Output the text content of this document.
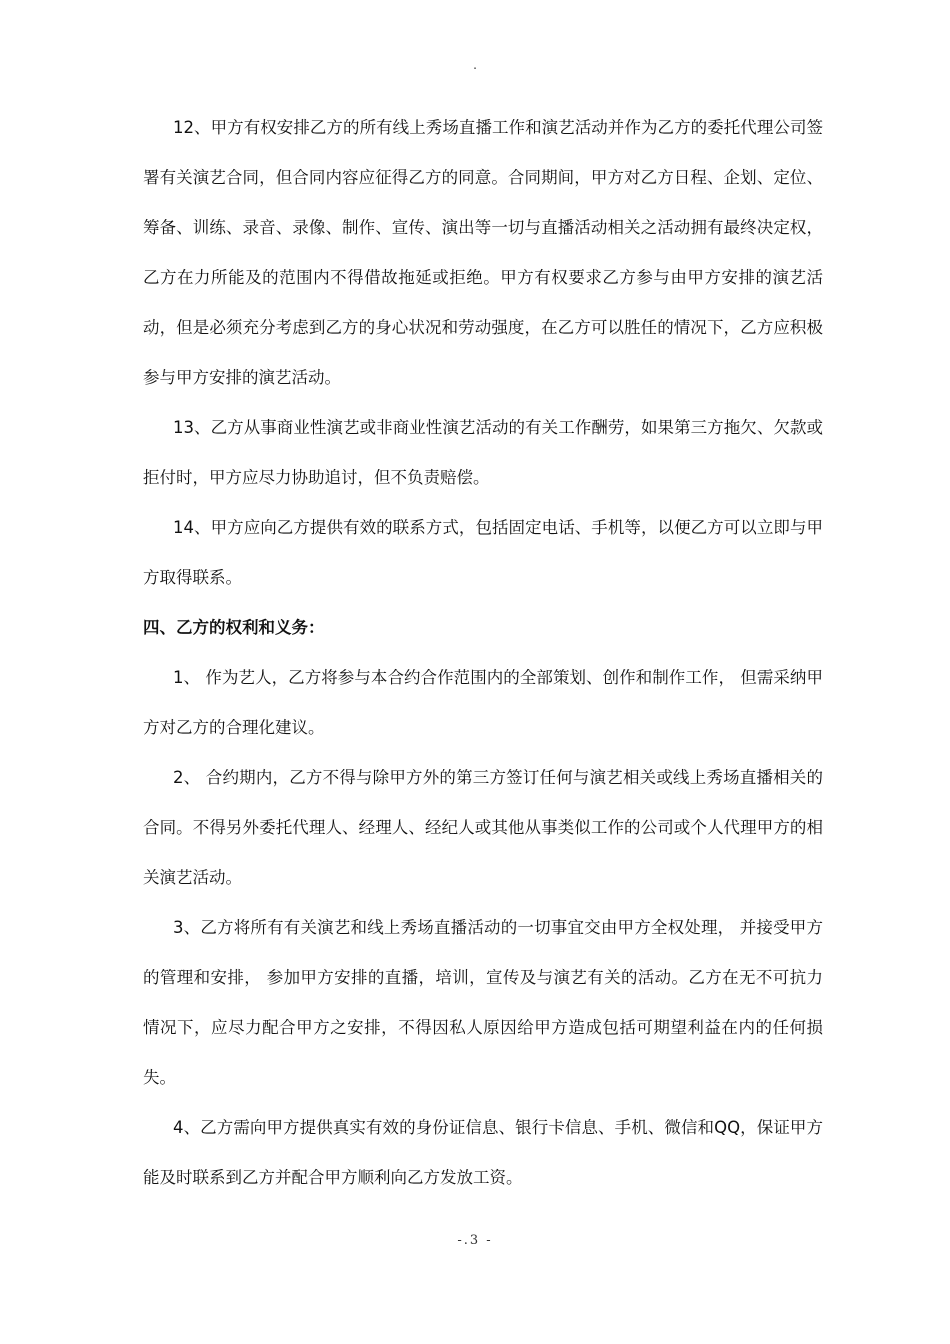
.

12、甲方有权安排乙方的所有线上秀场直播工作和演艺活动并作为乙方的委托代理公司签署有关演艺合同，但合同内容应征得乙方的同意。合同期间，甲方对乙方日程、企划、定位、筹备、训练、录音、录像、制作、宣传、演出等一切与直播活动相关之活动拥有最终决定权，乙方在力所能及的范围内不得借故拖延或拒绝。甲方有权要求乙方参与由甲方安排的演艺活动，但是必须充分考虑到乙方的身心状况和劳动强度，在乙方可以胜任的情况下，乙方应积极参与甲方安排的演艺活动。

13、乙方从事商业性演艺或非商业性演艺活动的有关工作酬劳，如果第三方拖欠、欠款或拒付时，甲方应尽力协助追讨，但不负责赔偿。

14、甲方应向乙方提供有效的联系方式，包括固定电话、手机等，以便乙方可以立即与甲方取得联系。

四、乙方的权利和义务：

1、 作为艺人，乙方将参与本合约合作范围内的全部策划、创作和制作工作， 但需采纳甲方对乙方的合理化建议。

2、 合约期内，乙方不得与除甲方外的第三方签订任何与演艺相关或线上秀场直播相关的合同。不得另外委托代理人、经理人、经纪人或其他从事类似工作的公司或个人代理甲方的相关演艺活动。

3、乙方将所有有关演艺和线上秀场直播活动的一切事宜交由甲方全权处理， 并接受甲方的管理和安排， 参加甲方安排的直播，培训，宣传及与演艺有关的活动。乙方在无不可抗力情况下，应尽力配合甲方之安排，不得因私人原因给甲方造成包括可期望利益在内的任何损失。

4、乙方需向甲方提供真实有效的身份证信息、银行卡信息、手机、微信和QQ，保证甲方能及时联系到乙方并配合甲方顺利向乙方发放工资。

-.3 -
